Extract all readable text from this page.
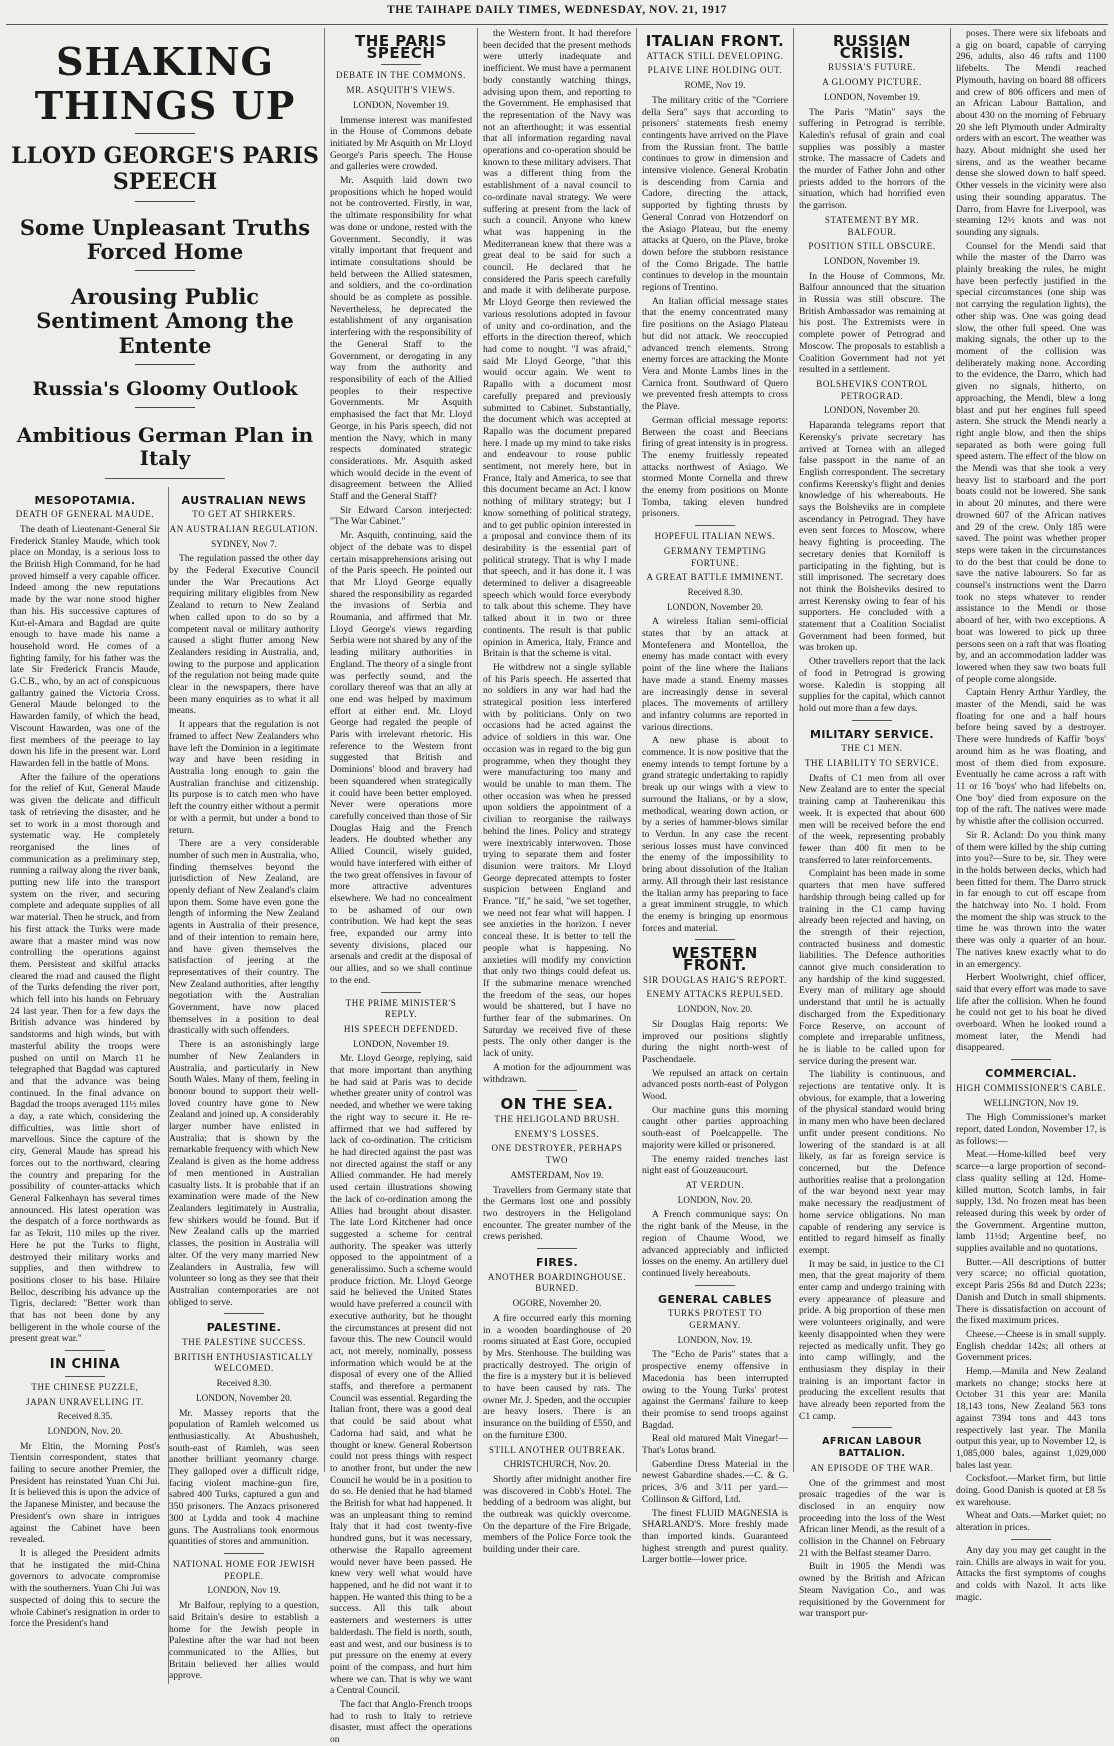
THE TAIHAPE DAILY TIMES, WEDNESDAY, NOV. 21, 1917
SHAKING THINGS UP
LLOYD GEORGE'S PARIS SPEECH
Some Unpleasant Truths Forced Home
Arousing Public Sentiment Among the Entente
Russia's Gloomy Outlook
Ambitious German Plan in Italy
MESOPOTAMIA.
DEATH OF GENERAL MAUDE.

The death of Lieutenant-General Sir Frederick Stanley Maude, which took place on Monday, is a serious loss to the British High Command, for he had proved himself a very capable officer. Indeed among the new reputations made by the war none stood higher than his. His successive captures of Kut-el-Amara and Bagdad are quite enough to have made his name a household word. He comes of a fighting family, for his father was the late Sir Frederick Francis Maude, G.C.B., who, by an act of conspicuous gallantry gained the Victoria Cross. General Maude belonged to the Hawarden family, of which the head, Viscount Hawarden, was one of the first members of the peerage to lay down his life in the present war. Lord Hawarden fell in the battle of Mons.

After the failure of the operations for the relief of Kut, General Maude was given the delicate and difficult task of retrieving the disaster, and he set to work in a most thorough and systematic way. He completely reorganised the lines of communication as a preliminary step, running a railway along the river bank, putting new life into the transport system on the river, and securing complete and adequate supplies of all war material. Then he struck, and from his first attack the Turks were made aware that a master mind was now controlling the operations against them. Persistent and skilful attacks cleared the road and caused the flight of the Turks defending the river port, which fell into his hands on February 24 last year. Then for a few days the British advance was hindered by sandstorms and high winds, but with masterful ability the troops were pushed on until on March 11 he telegraphed that Bagdad was captured and that the advance was being continued. In the final advance on Bagdad the troops averaged 11½ miles a day, a rate which, considering the difficulties, was little short of marvellous. Since the capture of the city, General Maude has spread his forces out to the northward, clearing the country and preparing for the possibility of counter-attacks which General Falkenhayn has several times announced. His latest operation was the despatch of a force northwards as far as Tekrit, 110 miles up the river. Here he put the Turks to flight, destroyed their military works and supplies, and then withdrew to positions closer to his base. Hilaire Belloc, describing his advance up the Tigris, declared: "Better work than that has not been done by any belligerent in the whole course of the present great war."

IN CHINA
THE CHINESE PUZZLE,
JAPAN UNRAVELLING IT.
Received 8.35.
LONDON, Nov. 20.

Mr Eltin, the Morning Post's Tientsin correspondent, states that failing to secure another Premier, the President has reinstated Yuan Chi Jui. It is believed this is upon the advice of the Japanese Minister, and because the President's own share in intrigues against the Cabinet have been revealed.

It is alleged the President admits that he instigated the mid-China governors to advocate compromise with the southerners. Yuan Chi Jui was suspected of doing this to secure the whole Cabinet's resignation in order to force the President's hand

AUSTRALIAN NEWS
TO GET AT SHIRKERS.
AN AUSTRALIAN REGULATION.
SYDNEY, Nov 7.

The regulation passed the other day by the Federal Executive Council under the War Precautions Act requiring military eligibles from New Zealand to return to New Zealand when called upon to do so by a competent naval or military authority caused a slight flutter among New Zealanders residing in Australia, and, owing to the purpose and application of the regulation not being made quite clear in the newspapers, there have been many enquiries as to what it all means.

It appears that the regulation is not framed to affect New Zealanders who have left the Dominion in a legitimate way and have been residing in Australia long enough to gain the Australian franchise and citizenship. Its purpose is to catch men who have left the country either without a permit or with a permit, but under a bond to return.

There are a very considerable number of such men in Australia, who, finding themselves beyond the jurisdiction of New Zealand, are openly defiant of New Zealand's claim upon them. Some have even gone the length of informing the New Zealand agents in Australia of their presence, and of their intention to remain here, and have given themselves the satisfaction of jeering at the representatives of their country. The New Zealand authorities, after lengthy negotiation with the Australian Government, have now placed themselves in a position to deal drastically with such offenders.

There is an astonishingly large number of New Zealanders in Australia, and particularly in New South Wales. Many of them, feeling in honour bound to support their well-loved country have gone to New Zealand and joined up. A considerably larger number have enlisted in Australia; that is shown by the remarkable frequency with which New Zealand is given as the home address of men mentioned in Australian casualty lists. It is probable that if an examination were made of the New Zealanders legitimately in Australia, few shirkers would be found. But if New Zealand calls up the married classes, the position in Australia will alter. Of the very many married New Zealanders in Australia, few will volunteer so long as they see that their Australian contemporaries are not obliged to serve.

PALESTINE.
THE PALESTINE SUCCESS.
BRITISH ENTHUSIASTICALLY WELCOMED.
Received 8.30.
LONDON, November 20.

Mr. Massey reports that the population of Ramleh welcomed us enthusiastically. At Abushusheh, south-east of Ramleh, was seen another brilliant yeomanry charge. They galloped over a difficult ridge, facing violent machine-gun fire, sabred 400 Turks, captured a gun and 350 prisoners. The Anzacs prisonered 300 at Lydda and took 4 machine guns. The Australians took enormous quantities of stores and ammunition.

NATIONAL HOME FOR JEWISH PEOPLE.
LONDON, Nov 19.

Mr Balfour, replying to a question, said Britain's desire to establish a home for the Jewish people in Palestine after the war had not been communicated to the Allies, but Britain believed her allies would approve.

THE PARIS SPEECH
DEBATE IN THE COMMONS.
MR. ASQUITH'S VIEWS.
LONDON, November 19.

Immense interest was manifested in the House of Commons debate initiated by Mr Asquith on Mr Lloyd George's Paris speech. The House and galleries were crowded.

Mr. Asquith laid down two propositions which he hoped would not be controverted. Firstly, in war, the ultimate responsibility for what was done or undone, rested with the Government. Secondly, it was vitally important that frequent and intimate consultations should be held between the Allied statesmen, and soldiers, and the co-ordination should be as complete as possible. Nevertheless, he deprecated the establishment of any organisation interfering with the responsibility of the General Staff to the Government, or derogating in any way from the authority and responsibility of each of the Allied peoples to their respective Governments. Mr Asquith emphasised the fact that Mr. Lloyd George, in his Paris speech, did not mention the Navy, which in many respects dominated strategic considerations. Mr. Asquith asked which would decide in the event of disagreement between the Allied Staff and the General Staff?

Sir Edward Carson interjected: "The War Cabinet."

Mr. Asquith, continuing, said the object of the debate was to dispel certain misapprehensions arising out of the Paris speech. He pointed out that Mr Lloyd George equally shared the responsibility as regarded the invasions of Serbia and Roumania, and affirmed that Mr. Lloyd George's views regarding Serbia were not shared by any of the leading military authorities in England. The theory of a single front was perfectly sound, and the corollary thereof was that an ally at one end was helped by maximum effort at either end. Mr. Lloyd George had regaled the people of Paris with irrelevant rhetoric. His reference to the Western front suggested that British and Dominions' blood and bravery had been squandered when strategically it could have been better employed. Never were operations more carefully conceived than those of Sir Douglas Haig and the French leaders. He doubted whether any Allied Council, wisely guided, would have interfered with either of the two great offensives in favour of more attractive adventures elsewhere. We had no concealment to be ashamed of our own contribution. We had kept the seas free, expanded our army into seventy divisions, placed our arsenals and credit at the disposal of our allies, and so we shall continue to the end.

THE PRIME MINISTER'S REPLY.
HIS SPEECH DEFENDED.
LONDON, November 19.

Mr. Lloyd George, replying, said that more important than anything he had said at Paris was to decide whether greater unity of control was needed, and whether we were taking the right way to secure it. He re-affirmed that we had suffered by lack of co-ordination. The criticism he had directed against the past was not directed against the staff or any Allied commander. He had merely used certain illustrations showing the lack of co-ordination among the Allies had brought about disaster. The late Lord Kitchener had once suggested a scheme for central authority. The speaker was utterly opposed to the appointment of a generalissimo. Such a scheme would produce friction. Mr. Lloyd George said he believed the United States would have preferred a council with executive authority, but he thought the circumstances at present did not favour this. The new Council would act, not merely, nominally, possess information which would be at the disposal of every one of the Allied staffs, and therefore a permanent Council was essential. Regarding the Italian front, there was a good deal that could be said about what Cadorna had said, and what he thought or knew. General Robertson could not press things with respect to another front, but under the new Council he would be in a position to do so. He denied that he had blamed the British for what had happened. It was an unpleasant thing to remind Italy that it had cost twenty-five hundred guns, but it was necessary, otherwise the Rapallo agreement would never have been passed. He knew very well what would have happened, and he did not want it to happen. He wanted this thing to be a success. All this talk about easterners and westerners is utter balderdash. The field is north, south, east and west, and our business is to put pressure on the enemy at every point of the compass, and hurt him where we can. That is why we want a Central Council.

The fact that Anglo-French troops had to rush to Italy to retrieve disaster, must affect the operations on

the Western front. It had therefore been decided that the present methods were utterly inadequate and inefficient. We must have a permanent body constantly watching things, advising upon them, and reporting to the Government. He emphasised that the representation of the Navy was not an afterthought; it was essential that all information regarding naval operations and co-operation should be known to these military advisers. That was a different thing from the establishment of a naval council to co-ordinate naval strategy. We were suffering at present from the lack of such a council. Anyone who knew what was happening in the Mediterranean knew that there was a great deal to be said for such a council. He declared that he considered the Paris speech carefully and made it with deliberate purpose. Mr Lloyd George then reviewed the various resolutions adopted in favour of unity and co-ordination, and the efforts in the direction thereof, which had come to nought. "I was afraid," said Mr Lloyd George, "that this would occur again. We went to Rapallo with a document most carefully prepared and previously submitted to Cabinet. Substantially, the document which was accepted at Rapallo was the document prepared here. I made up my mind to take risks and endeavour to rouse public sentiment, not merely here, but in France, Italy and America, to see that this document became an Act. I know nothing of military strategy; but I know something of political strategy, and to get public opinion interested in a proposal and convince them of its desirability is the essential part of political strategy. That is why I made that speech, and it has done it. I was determined to deliver a disagreeable speech which would force everybody to talk about this scheme. They have talked about it in two or three continents. The result is that public opinion in America, Italy, France and Britain is that the scheme is vital.

He withdrew not a single syllable of his Paris speech. He asserted that no soldiers in any war had had the strategical position less interfered with by politicians. Only on two occasions had he acted against the advice of soldiers in this war. One occasion was in regard to the big gun programme, when they thought they were manufacturing too many and would be unable to man them. The other occasion was when he pressed upon soldiers the appointment of a civilian to reorganise the railways behind the lines. Policy and strategy were inextricably interwoven. Those trying to separate them and foster disunion were traitors. Mr Lloyd George deprecated attempts to foster suspicion between England and France. "If," he said, "we set together, we need not fear what will happen. I see anxieties in the horizon. I never conceal these. It is better to tell the people what is happening. No anxieties will modify my conviction that only two things could defeat us. If the submarine menace wrenched the freedom of the seas, our hopes would be shattered, but I have no further fear of the submarines. On Saturday we received five of these pests. The only other danger is the lack of unity.

A motion for the adjournment was withdrawn.

ON THE SEA.
THE HELIGOLAND BRUSH.
ENEMY'S LOSSES.
ONE DESTROYER, PERHAPS TWO
AMSTERDAM, Nov 19.

Travellers from Germany state that the Germans lost one and possibly two destroyers in the Heligoland encounter. The greater number of the crews perished.

FIRES.
ANOTHER BOARDINGHOUSE. BURNED.
OGORE, November 20.

A fire occurred early this morning in a wooden boardinghouse of 20 rooms situated at East Gore, occupied by Mrs. Stenhouse. The building was practically destroyed. The origin of the fire is a mystery but it is believed to have been caused by rats. The owner Mr. J. Speden, and the occupier are heavy losers. There is an insurance on the building of £550, and on the furniture £300.

STILL ANOTHER OUTBREAK.
CHRISTCHURCH, Nov. 20.

Shortly after midnight another fire was discovered in Cobb's Hotel. The bedding of a bedroom was alight, but the outbreak was quickly overcome. On the departure of the Fire Brigade, members of the Police Force took the building under their care.

ITALIAN FRONT.
ATTACK STILL DEVELOPING.
PLAIVE LINE HOLDING OUT.
ROME, Nov 19.

The military critic of the "Corriere della Sera" says that according to prisoners' statements fresh enemy contingents have arrived on the Plave from the Russian front. The battle continues to grow in dimension and intensive violence. General Krobatin is descending from Carnia and Cadore, directing the attack, supported by fighting thrusts by General Conrad von Hotzendorf on the Asiago Plateau, but the enemy attacks at Quero, on the Plave, broke down before the stubborn resistance of the Como Brigade. The battle continues to develop in the mountain regions of Trentino.

An Italian official message states that the enemy concentrated many fire positions on the Asiago Plateau but did not attack. We reoccupied advanced trench elements. Strong enemy forces are attacking the Monte Vera and Monte Lambs lines in the Carnica front. Southward of Quero we prevented fresh attempts to cross the Plave.

German official message reports: Between the coast and Beecians firing of great intensity is in progress. The enemy fruitlessly repeated attacks northwest of Asiago. We stormed Monte Cornella and threw the enemy from positions on Monte Tomba, taking eleven hundred prisoners.

HOPEFUL ITALIAN NEWS.
GERMANY TEMPTING FORTUNE.
A GREAT BATTLE IMMINENT.
Received 8.30.
LONDON, November 20.

A wireless Italian semi-official states that by an attack at Montefenera and Montelloa, the enemy has made contact with every point of the line where the Italians have made a stand. Enemy masses are increasingly dense in several places. The movements of artillery and infantry columns are reported in various directions.

A new phase is about to commence. It is now positive that the enemy intends to tempt fortune by a grand strategic undertaking to rapidly break up our wings with a view to surround the Italians, or by a slow, methodical, wearing down action, or by a series of hammer-blows similar to Verdun. In any case the recent serious losses must have convinced the enemy of the impossibility to bring about dissolution of the Italian army. All through their last resistance the Italian army has preparing to face a great imminent struggle, to which the enemy is bringing up enormous forces and material.

WESTERN FRONT.
SIR DOUGLAS HAIG'S REPORT.
ENEMY ATTACKS REPULSED.
LONDON, Nov. 20.

Sir Douglas Haig reports: We improved our positions slightly during the night north-west of Paschendaele.

We repulsed an attack on certain advanced posts north-east of Polygon Wood.

Our machine guns this morning caught other parties approaching south-east of Poelcappelle. The majority were killed or prisonered.

The enemy raided trenches last night east of Gouzeaucourt.

AT VERDUN.
LONDON, Nov. 20.

A French communique says: On the right bank of the Meuse, in the region of Chaume Wood, we advanced appreciably and inflicted losses on the enemy. An artillery duel continued lively hereabouts.

GENERAL CABLES
TURKS PROTEST TO GERMANY.
LONDON, Nov. 19.

The "Echo de Paris" states that a prospective enemy offensive in Macedonia has been interrupted owing to the Young Turks' protest against the Germans' failure to keep their promise to send troops against Bagdad.

Real old matured Malt Vinegar!—That's Lotus brand.

Gaberdine Dress Material in the newest Gabardine shades.—C. & G. prices, 3/6 and 3/11 per yard.—Collinson & Gifford, Ltd.

The finest FLUID MAGNESIA is SHARLAND'S. More freshly made than imported kinds. Guaranteed highest strength and purest quality. Larger bottle—lower price.

RUSSIAN CRISIS.
RUSSIA'S FUTURE.
A GLOOMY PICTURE.
LONDON, November 19.

The Paris "Matin" says the suffering in Petrograd is terrible. Kaledin's refusal of grain and coal supplies was possibly a master stroke. The massacre of Cadets and the murder of Father John and other priests added to the horrors of the situation, which had horrified even the garrison.

STATEMENT BY MR. BALFOUR.
POSITION STILL OBSCURE.
LONDON, November 19.

In the House of Commons, Mr. Balfour announced that the situation in Russia was still obscure. The British Ambassador was remaining at his post. The Extremists were in complete power of Petrograd and Moscow. The proposals to establish a Coalition Government had not yet resulted in a settlement.

BOLSHEVIKS CONTROL PETROGRAD.
LONDON, November 20.

Haparanda telegrams report that Kerensky's private secretary has arrived at Tornea with an alleged false passport in the name of an English correspondent. The secretary confirms Kerensky's flight and denies knowledge of his whereabouts. He says the Bolsheviks are in complete ascendancy in Petrograd. They have even sent forces to Moscow, where heavy fighting is proceeding. The secretary denies that Korniloff is participating in the fighting, but is still imprisoned. The secretary does not think the Bolsheviks desired to arrest Kerensky owing to fear of his supporters. He concluded with a statement that a Coalition Socialist Government had been formed, but was broken up.

Other travellers report that the lack of food in Petrograd is growing worse. Kaledin is stopping all supplies for the capital, which cannot hold out more than a few days.

MILITARY SERVICE.
THE C1 MEN.
THE LIABILITY TO SERVICE.

Drafts of C1 men from all over New Zealand are to enter the special training camp at Tauherenikau this week. It is expected that about 600 men will be received before the end of the week, representing probably fewer than 400 fit men to be transferred to later reinforcements.

Complaint has been made in some quarters that men have suffered hardship through being called up for training in the C1 camp having already been rejected and having, on the strength of their rejection, contracted business and domestic liabilities. The Defence authorities cannot give much consideration to any hardship of the kind suggested. Every man of military age should understand that until he is actually discharged from the Expeditionary Force Reserve, on account of complete and irreparable unfitness, he is liable to be called upon for service during the present war.

The liability is continuous, and rejections are tentative only. It is obvious, for example, that a lowering of the physical standard would bring in many men who have been declared unfit under present conditions. No lowering of the standard is at all likely, as far as foreign service is concerned, but the Defence authorities realise that a prolongation of the war beyond next year may make necessary the readjustment of home service obligations. No man capable of rendering any service is entitled to regard himself as finally exempt.

It may be said, in justice to the C1 men, that the great majority of them enter camp and undergo training with every appearance of pleasure and pride. A big proportion of these men were volunteers originally, and were keenly disappointed when they were rejected as medically unfit. They go into camp willingly, and the enthusiasm they display in their training is an important factor in producing the excellent results that have already been reported from the C1 camp.

AFRICAN LABOUR BATTALION.
AN EPISODE OF THE WAR.

One of the grimmest and most prosaic tragedies of the war is disclosed in an enquiry now proceeding into the loss of the West African liner Mendi, as the result of a collision in the Channel on February 21 with the Belfast steamer Darro.

Built in 1905 the Mendi was owned by the British and African Steam Navigation Co., and was requisitioned by the Government for war transport pur-

poses. There were six lifeboats and a gig on board, capable of carrying 296, adults, also 46 rafts and 1100 lifebelts. The Mendi reached Plymouth, having on board 88 officers and crew of 806 officers and men of an African Labour Battalion, and about 430 on the morning of February 20 she left Plymouth under Admiralty orders with an escort. The weather was hazy. About midnight she used her sirens, and as the weather became dense she slowed down to half speed. Other vessels in the vicinity were also using their sounding apparatus. The Darro, from Havre for Liverpool, was steaming 12½ knots and was not sounding any signals.

Counsel for the Mendi said that while the master of the Darro was plainly breaking the rules, he might have been perfectly justified in the special circumstances (one ship was not carrying the regulation lights), the other ship was. One was going dead slow, the other full speed. One was making signals, the other up to the moment of the collision was deliberately making none. According to the evidence, the Darro, which had given no signals, hitherto, on approaching, the Mendi, blew a long blast and put her engines full speed astern. She struck the Mendi nearly a right angle blow, and then the ships separated as both were going full speed astern. The effect of the blow on the Mendi was that she took a very heavy list to starboard and the port boats could not be lowered. She sank in about 20 minutes, and there were drowned 607 of the African natives and 29 of the crew. Only 185 were saved. The point was whether proper steps were taken in the circumstances to do the best that could be done to save the native labourers. So far as counsel's instructions went the Darro took no steps whatever to render assistance to the Mendi or those aboard of her, with two exceptions. A boat was lowered to pick up three persons seen on a raft that was floating by, and an accommodation ladder was lowered when they saw two boats full of people come alongside.

Captain Henry Arthur Yardley, the master of the Mendi, said he was floating for one and a half hours before being saved by a destroyer. There were hundreds of Kaffir 'boys' around him as he was floating, and most of them died from exposure. Eventually he came across a raft with 11 or 16 'boys' who had lifebelts on. One 'boy' died from exposure on the top of the raft. The natives were made by whistle after the collision occurred.

Sir R. Acland: Do you think many of them were killed by the ship cutting into you?—Sure to be, sir. They were in the holds between decks, which had been fitted for them. The Darro struck in far enough to cut off escape from the hatchway into No. 1 hold. From the moment the ship was struck to the time he was thrown into the water there was only a quarter of an hour. The natives knew exactly what to do in an emergency.

Herbert Woolwright, chief officer, said that every effort was made to save life after the collision. When he found he could not get to his boat he dived overboard. When he looked round a moment later, the Mendi had disappeared.

COMMERCIAL.
HIGH COMMISSIONER'S CABLE.
WELLINGTON, Nov 19.

The High Commissioner's market report, dated London, November 17, is as follows:—

Meat.—Home-killed beef very scarce—a large proportion of second-class quality selling at 12d. Home-killed mutton, Scotch lambs, in fair supply, 13d. No frozen meat has been released during this week by order of the Government. Argentine mutton, lamb 11½d; Argentine beef, no supplies available and no quotations.

Butter.—All descriptions of butter very scarce; no official quotation, except Paris 256s 8d and Dutch 223s; Danish and Dutch in small shipments. There is dissatisfaction on account of the fixed maximum prices.

Cheese.—Cheese is in small supply. English cheddar 142s; all others at Government prices.

Hemp.—Manila and New Zealand markets no change; stocks here at October 31 this year are: Manila 18,143 tons, New Zealand 563 tons against 7394 tons and 443 tons respectively last year. The Manila output this year, up to November 12, is 1,085,000 bales, against 1,029,000 bales last year.

Cocksfoot.—Market firm, but little doing. Good Danish is quoted at £8 5s ex warehouse.

Wheat and Oats.—Market quiet; no alteration in prices.

Any day you may get caught in the rain. Chills are always in wait for you. Attacks the first symptoms of coughs and colds with Nazol. It acts like magic.
